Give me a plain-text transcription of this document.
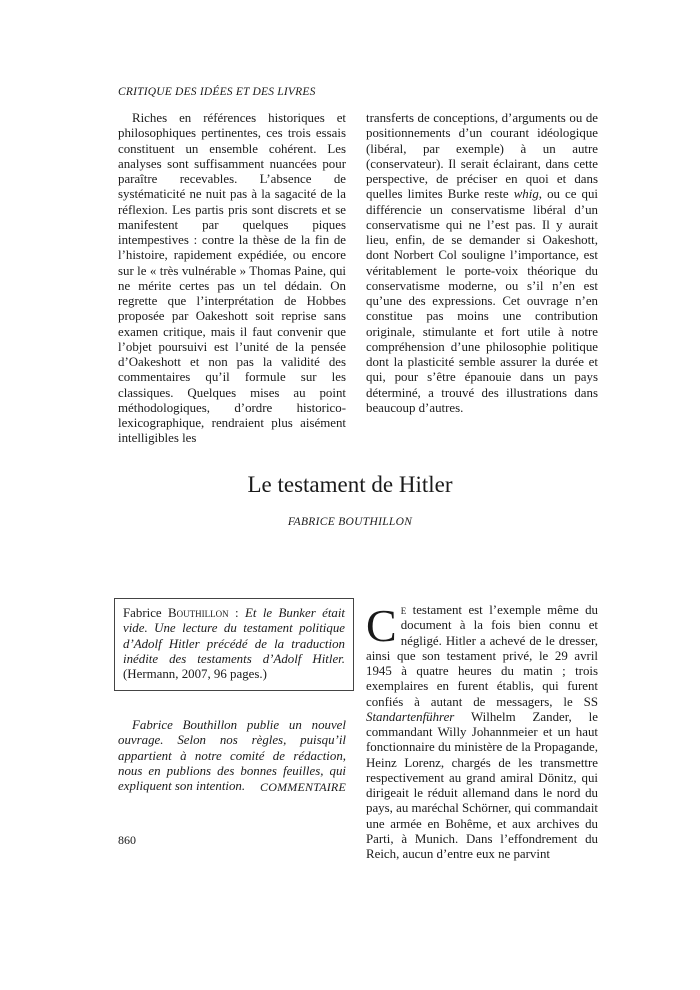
CRITIQUE DES IDÉES ET DES LIVRES

Riches en références historiques et philosophiques pertinentes, ces trois essais constituent un ensemble cohérent. Les analyses sont suffisamment nuancées pour paraître recevables. L’absence de systématicité ne nuit pas à la sagacité de la réflexion. Les partis pris sont discrets et se manifestent par quelques piques intempestives : contre la thèse de la fin de l’histoire, rapidement expédiée, ou encore sur le « très vulnérable » Thomas Paine, qui ne mérite certes pas un tel dédain. On regrette que l’interprétation de Hobbes proposée par Oakeshott soit reprise sans examen critique, mais il faut convenir que l’objet poursuivi est l’unité de la pensée d’Oakeshott et non pas la validité des commentaires qu’il formule sur les classiques. Quelques mises au point méthodologiques, d’ordre historico-lexicographique, rendraient plus aisément intelligibles les

transferts de conceptions, d’arguments ou de positionnements d’un courant idéologique (libéral, par exemple) à un autre (conservateur). Il serait éclairant, dans cette perspective, de préciser en quoi et dans quelles limites Burke reste whig, ou ce qui différencie un conservatisme libéral d’un conservatisme qui ne l’est pas. Il y aurait lieu, enfin, de se demander si Oakeshott, dont Norbert Col souligne l’importance, est véritablement le porte-voix théorique du conservatisme moderne, ou s’il n’en est qu’une des expressions. Cet ouvrage n’en constitue pas moins une contribution originale, stimulante et fort utile à notre compréhension d’une philosophie politique dont la plasticité semble assurer la durée et qui, pour s’être épanouie dans un pays déterminé, a trouvé des illustrations dans beaucoup d’autres.

Le testament de Hitler
FABRICE BOUTHILLON
Fabrice Bouthillon : Et le Bunker était vide. Une lecture du testament politique d’Adolf Hitler précédé de la traduction inédite des testaments d’Adolf Hitler. (Hermann, 2007, 96 pages.)

Fabrice Bouthillon publie un nouvel ouvrage. Selon nos règles, puisqu’il appartient à notre comité de rédaction, nous en publions des bonnes feuilles, qui expliquent son intention.	COMMENTAIRE

Ce testament est l’exemple même du document à la fois bien connu et négligé. Hitler a achevé de le dresser, ainsi que son testament privé, le 29 avril 1945 à quatre heures du matin ; trois exemplaires en furent établis, qui furent confiés à autant de messagers, le SS Standartenführer Wilhelm Zander, le commandant Willy Johannmeier et un haut fonctionnaire du ministère de la Propagande, Heinz Lorenz, chargés de les transmettre respectivement au grand amiral Dönitz, qui dirigeait le réduit allemand dans le nord du pays, au maréchal Schörner, qui commandait une armée en Bohême, et aux archives du Parti, à Munich. Dans l’effondrement du Reich, aucun d’entre eux ne parvint

860
